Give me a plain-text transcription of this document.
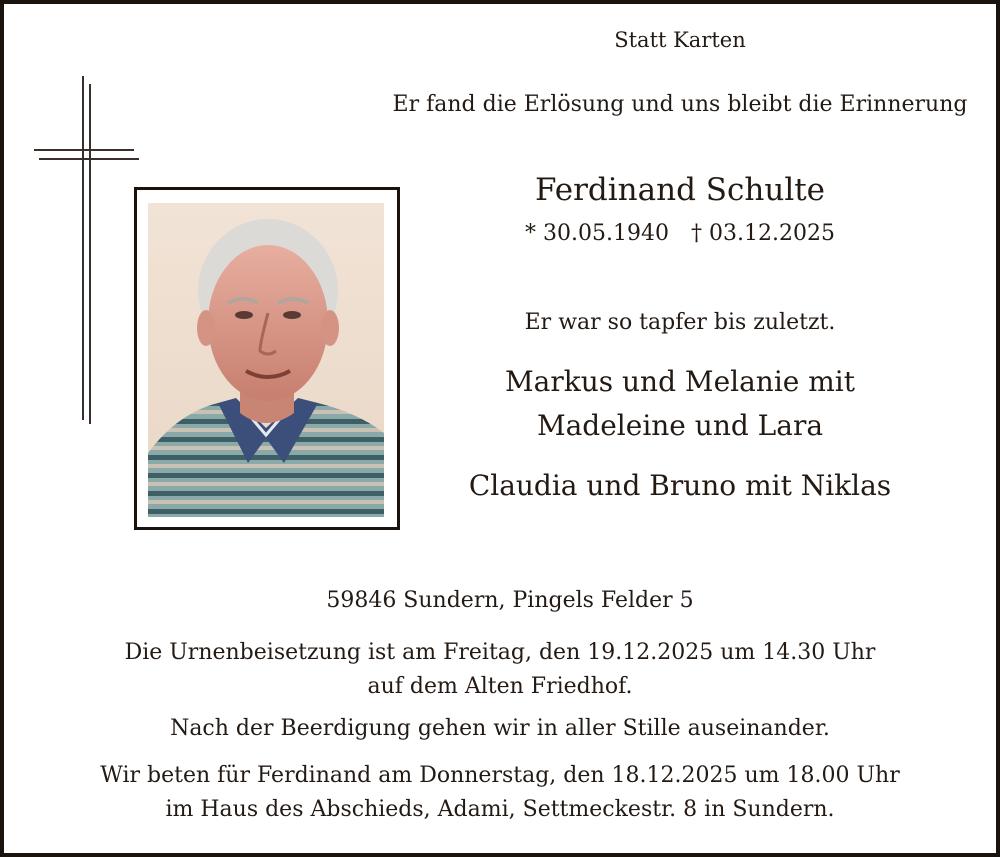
Statt Karten
Er fand die Erlösung und uns bleibt die Erinnerung
Ferdinand Schulte
* 30.05.1940 † 03.12.2025
Er war so tapfer bis zuletzt.
Markus und Melanie mit
Madeleine und Lara
Claudia und Bruno mit Niklas
59846 Sundern, Pingels Felder 5
Die Urnenbeisetzung ist am Freitag, den 19.12.2025 um 14.30 Uhr
auf dem Alten Friedhof.
Nach der Beerdigung gehen wir in aller Stille auseinander.
Wir beten für Ferdinand am Donnerstag, den 18.12.2025 um 18.00 Uhr
im Haus des Abschieds, Adami, Settmeckestr. 8 in Sundern.
